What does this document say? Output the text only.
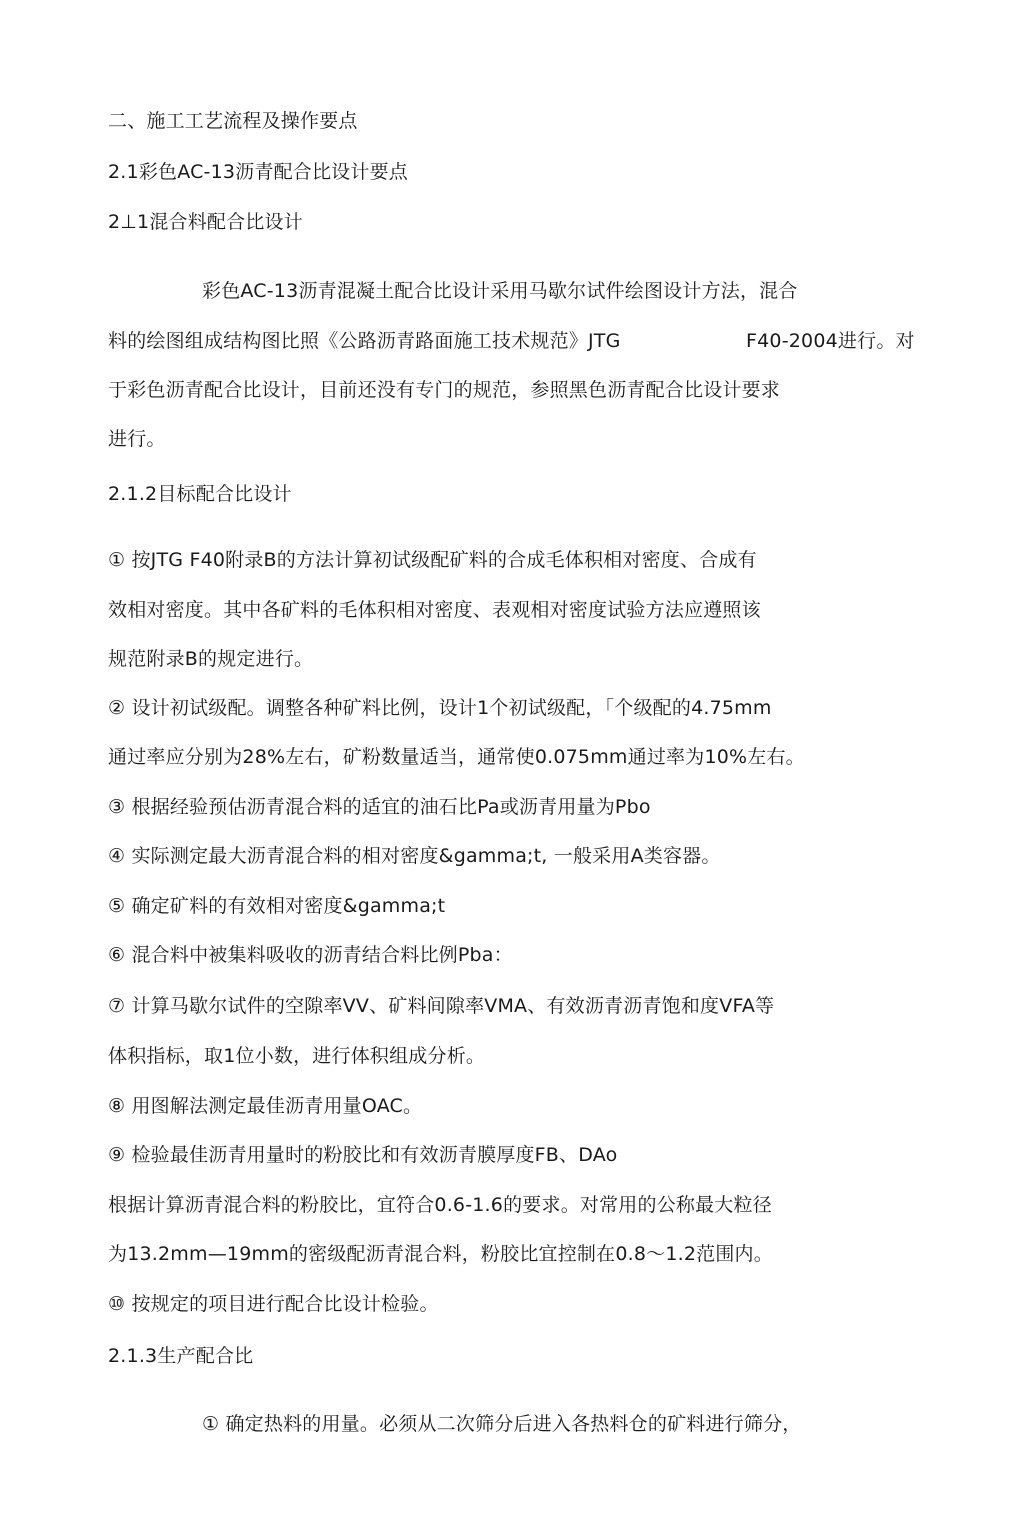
二、施工工艺流程及操作要点
2.1彩色AC-13沥青配合比设计要点
2⊥1混合料配合比设计
彩色AC-13沥青混凝土配合比设计采用马歇尔试件绘图设计方法，混合
料的绘图组成结构图比照《公路沥青路面施工技术规范》JTG	F40-2004进行。对
于彩色沥青配合比设计，目前还没有专门的规范，参照黑色沥青配合比设计要求
进行。
2.1.2目标配合比设计
① 按JTG F40附录B的方法计算初试级配矿料的合成毛体积相对密度、合成有
效相对密度。其中各矿料的毛体积相对密度、表观相对密度试验方法应遵照该
规范附录B的规定进行。
② 设计初试级配。调整各种矿料比例，设计1个初试级配，「个级配的4.75mm
通过率应分别为28%左右，矿粉数量适当，通常使0.075mm通过率为10%左右。
③ 根据经验预估沥青混合料的适宜的油石比Pa或沥青用量为Pbo
④ 实际测定最大沥青混合料的相对密度&gamma;t, 一般采用A类容器。
⑤ 确定矿料的有效相对密度&gamma;t
⑥ 混合料中被集料吸收的沥青结合料比例Pba：
⑦ 计算马歇尔试件的空隙率VV、矿料间隙率VMA、有效沥青沥青饱和度VFA等
体积指标，取1位小数，进行体积组成分析。
⑧ 用图解法测定最佳沥青用量OAC。
⑨ 检验最佳沥青用量时的粉胶比和有效沥青膜厚度FB、DAo
根据计算沥青混合料的粉胶比，宜符合0.6-1.6的要求。对常用的公称最大粒径
为13.2mm—19mm的密级配沥青混合料，粉胶比宜控制在0.8～1.2范围内。
⑩ 按规定的项目进行配合比设计检验。
2.1.3生产配合比
① 确定热料的用量。必须从二次筛分后进入各热料仓的矿料进行筛分，
